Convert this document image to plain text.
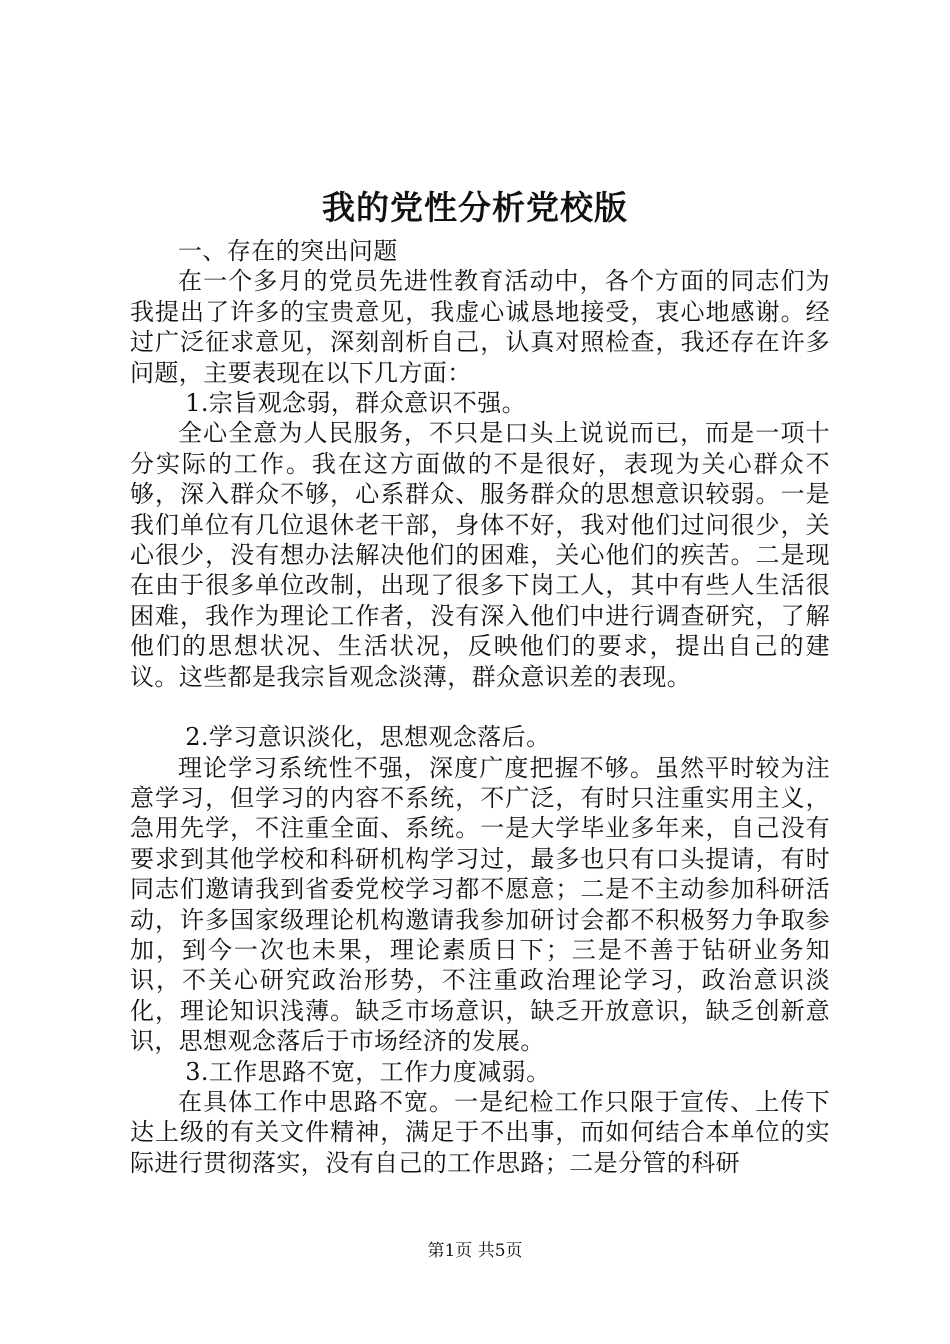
我的党性分析党校版

一、存在的突出问题

在一个多月的党员先进性教育活动中，各个方面的同志们为我提出了许多的宝贵意见，我虚心诚恳地接受，衷心地感谢。经过广泛征求意见，深刻剖析自己，认真对照检查，我还存在许多问题，主要表现在以下几方面：

1.宗旨观念弱，群众意识不强。

全心全意为人民服务，不只是口头上说说而已，而是一项十分实际的工作。我在这方面做的不是很好，表现为关心群众不够，深入群众不够，心系群众、服务群众的思想意识较弱。一是我们单位有几位退休老干部，身体不好，我对他们过问很少，关心很少，没有想办法解决他们的困难，关心他们的疾苦。二是现在由于很多单位改制，出现了很多下岗工人，其中有些人生活很困难，我作为理论工作者，没有深入他们中进行调查研究，了解他们的思想状况、生活状况，反映他们的要求，提出自己的建议。这些都是我宗旨观念淡薄，群众意识差的表现。

2.学习意识淡化，思想观念落后。

理论学习系统性不强，深度广度把握不够。虽然平时较为注意学习，但学习的内容不系统，不广泛，有时只注重实用主义，急用先学，不注重全面、系统。一是大学毕业多年来，自己没有要求到其他学校和科研机构学习过，最多也只有口头提请，有时同志们邀请我到省委党校学习都不愿意；二是不主动参加科研活动，许多国家级理论机构邀请我参加研讨会都不积极努力争取参加，到今一次也未果，理论素质日下；三是不善于钻研业务知识，不关心研究政治形势，不注重政治理论学习，政治意识淡化，理论知识浅薄。缺乏市场意识，缺乏开放意识，缺乏创新意识，思想观念落后于市场经济的发展。

3.工作思路不宽，工作力度减弱。

在具体工作中思路不宽。一是纪检工作只限于宣传、上传下达上级的有关文件精神，满足于不出事，而如何结合本单位的实际进行贯彻落实，没有自己的工作思路；二是分管的科研

第1页 共5页
